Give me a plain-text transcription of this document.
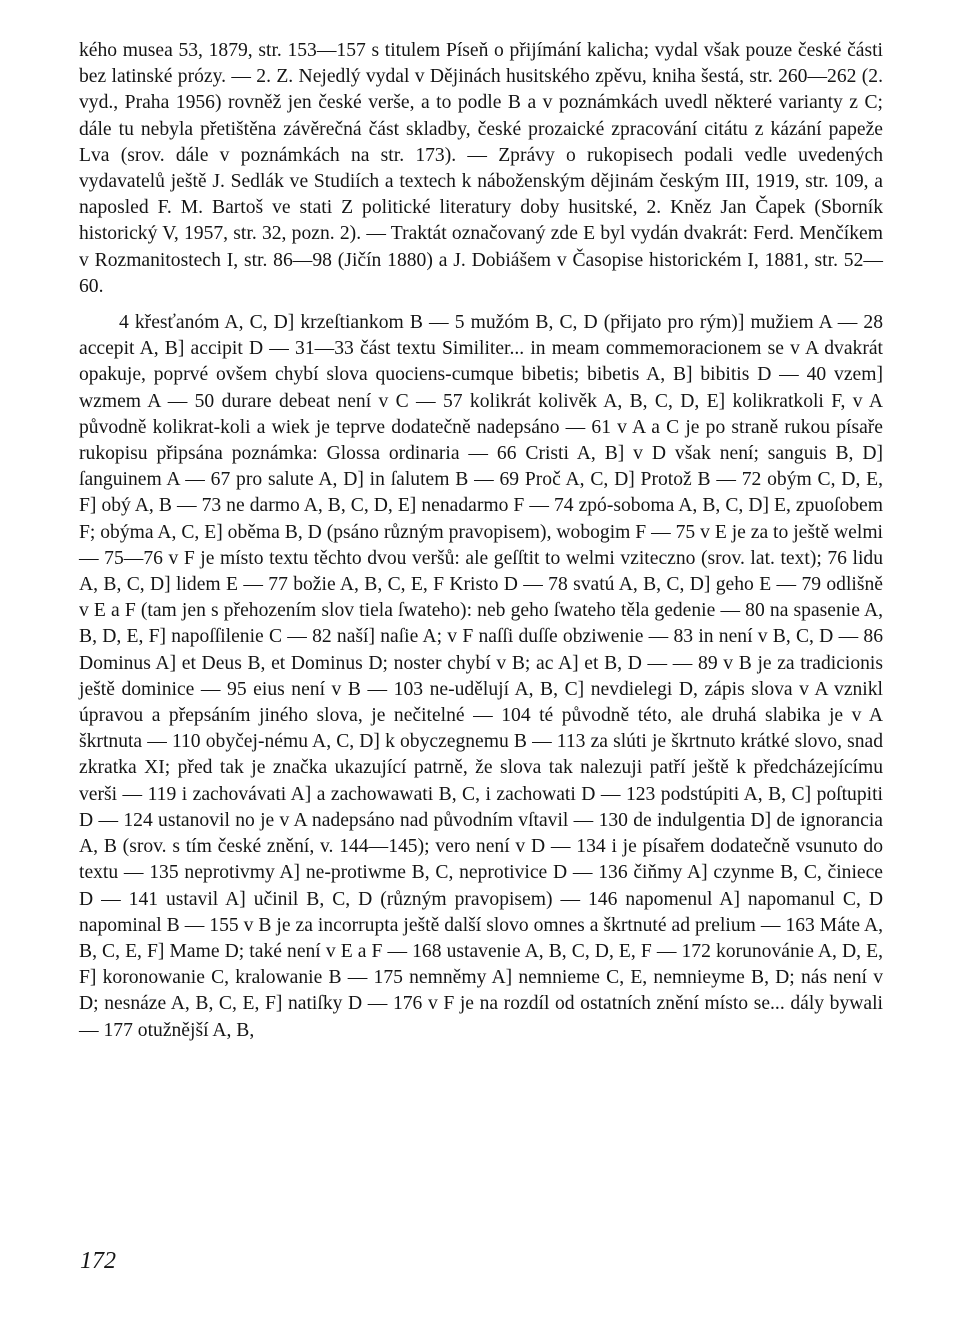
kého musea 53, 1879, str. 153—157 s titulem Píseň o přijímání kalicha; vydal však pouze české části bez latinské prózy. — 2. Z. Nejedlý vydal v Dějinách husitského zpěvu, kniha šestá, str. 260—262 (2. vyd., Praha 1956) rovněž jen české verše, a to podle B a v poznámkách uvedl některé varianty z C; dále tu nebyla přetištěna závěrečná část skladby, české prozaické zpracování citátu z kázání papeže Lva (srov. dále v poznámkách na str. 173). — Zprávy o rukopisech podali vedle uvedených vydavatelů ještě J. Sedlák ve Studiích a textech k náboženským dějinám českým III, 1919, str. 109, a naposled F. M. Bartoš ve stati Z politické literatury doby husitské, 2. Kněz Jan Čapek (Sborník historický V, 1957, str. 32, pozn. 2). — Traktát označovaný zde E byl vydán dvakrát: Ferd. Menčíkem v Rozmanitostech I, str. 86—98 (Jičín 1880) a J. Dobiášem v Časopise historickém I, 1881, str. 52—60.

4 křesťanóm A, C, D] krzeſtiankom B — 5 mužóm B, C, D (přijato pro rým)] mužiem A — 28 accepit A, B] accipit D — 31—33 část textu Similiter... in meam commemoracionem se v A dvakrát opakuje, poprvé ovšem chybí slova quociens-cumque bibetis; bibetis A, B] bibitis D — 40 vzem] wzmem A — 50 durare debeat není v C — 57 kolikrát kolivěk A, B, C, D, E] kolikratkoli F, v A původně kolikrat-koli a wiek je teprve dodatečně nadepsáno — 61 v A a C je po straně rukou písaře rukopisu připsána poznámka: Glossa ordinaria — 66 Cristi A, B] v D však není; sanguis B, D] ſanguinem A — 67 pro salute A, D] in ſalutem B — 69 Proč A, C, D] Protož B — 72 obým C, D, E, F] obý A, B — 73 ne darmo A, B, C, D, E] nenadarmo F — 74 zpó-soboma A, B, C, D] E, zpuoſobem F; obýma A, C, E] oběma B, D (psáno různým pravopisem), wobogim F — 75 v E je za to ještě welmi — 75—76 v F je místo textu těchto dvou veršů: ale geſſtit to welmi vziteczno (srov. lat. text); 76 lidu A, B, C, D] lidem E — 77 božie A, B, C, E, F Kristo D — 78 svatú A, B, C, D] geho E — 79 odlišně v E a F (tam jen s přehozením slov tiela ſwateho): neb geho ſwateho těla gedenie — 80 na spasenie A, B, D, E, F] napoſſilenie C — 82 naší] naſie A; v F naſſi duſſe obziwenie — 83 in není v B, C, D — 86 Dominus A] et Deus B, et Dominus D; noster chybí v B; ac A] et B, D — — 89 v B je za tradicionis ještě dominice — 95 eius není v B — 103 ne-udělují A, B, C] nevdielegi D, zápis slova v A vznikl úpravou a přepsáním jiného slova, je nečitelné — 104 té původně této, ale druhá slabika je v A škrtnuta — 110 obyčej-nému A, C, D] k obyczegnemu B — 113 za slúti je škrtnuto krátké slovo, snad zkratka XI; před tak je značka ukazující patrně, že slova tak nalezuji patří ještě k předcházejícímu verši — 119 i zachovávati A] a zachowawati B, C, i zachowati D — 123 podstúpiti A, B, C] poſtupiti D — 124 ustanovil no je v A nadepsáno nad původním vſtavil — 130 de indulgentia D] de ignorancia A, B (srov. s tím české znění, v. 144—145); vero není v D — 134 i je písařem dodatečně vsunuto do textu — 135 neprotivmy A] ne-protiwme B, C, neprotivice D — 136 čiňmy A] czynme B, C, činiece D — 141 ustavil A] učinil B, C, D (různým pravopisem) — 146 napomenul A] napomanul C, D napominal B — 155 v B je za incorrupta ještě další slovo omnes a škrtnuté ad prelium — 163 Máte A, B, C, E, F] Mame D; také není v E a F — 168 ustavenie A, B, C, D, E, F — 172 korunovánie A, D, E, F] koronowanie C, kralowanie B — 175 nemněmy A] nemnieme C, E, nemnieyme B, D; nás není v D; nesnáze A, B, C, E, F] natiſky D — 176 v F je na rozdíl od ostatních znění místo se... dály bywali — 177 otužnější A, B,

172
